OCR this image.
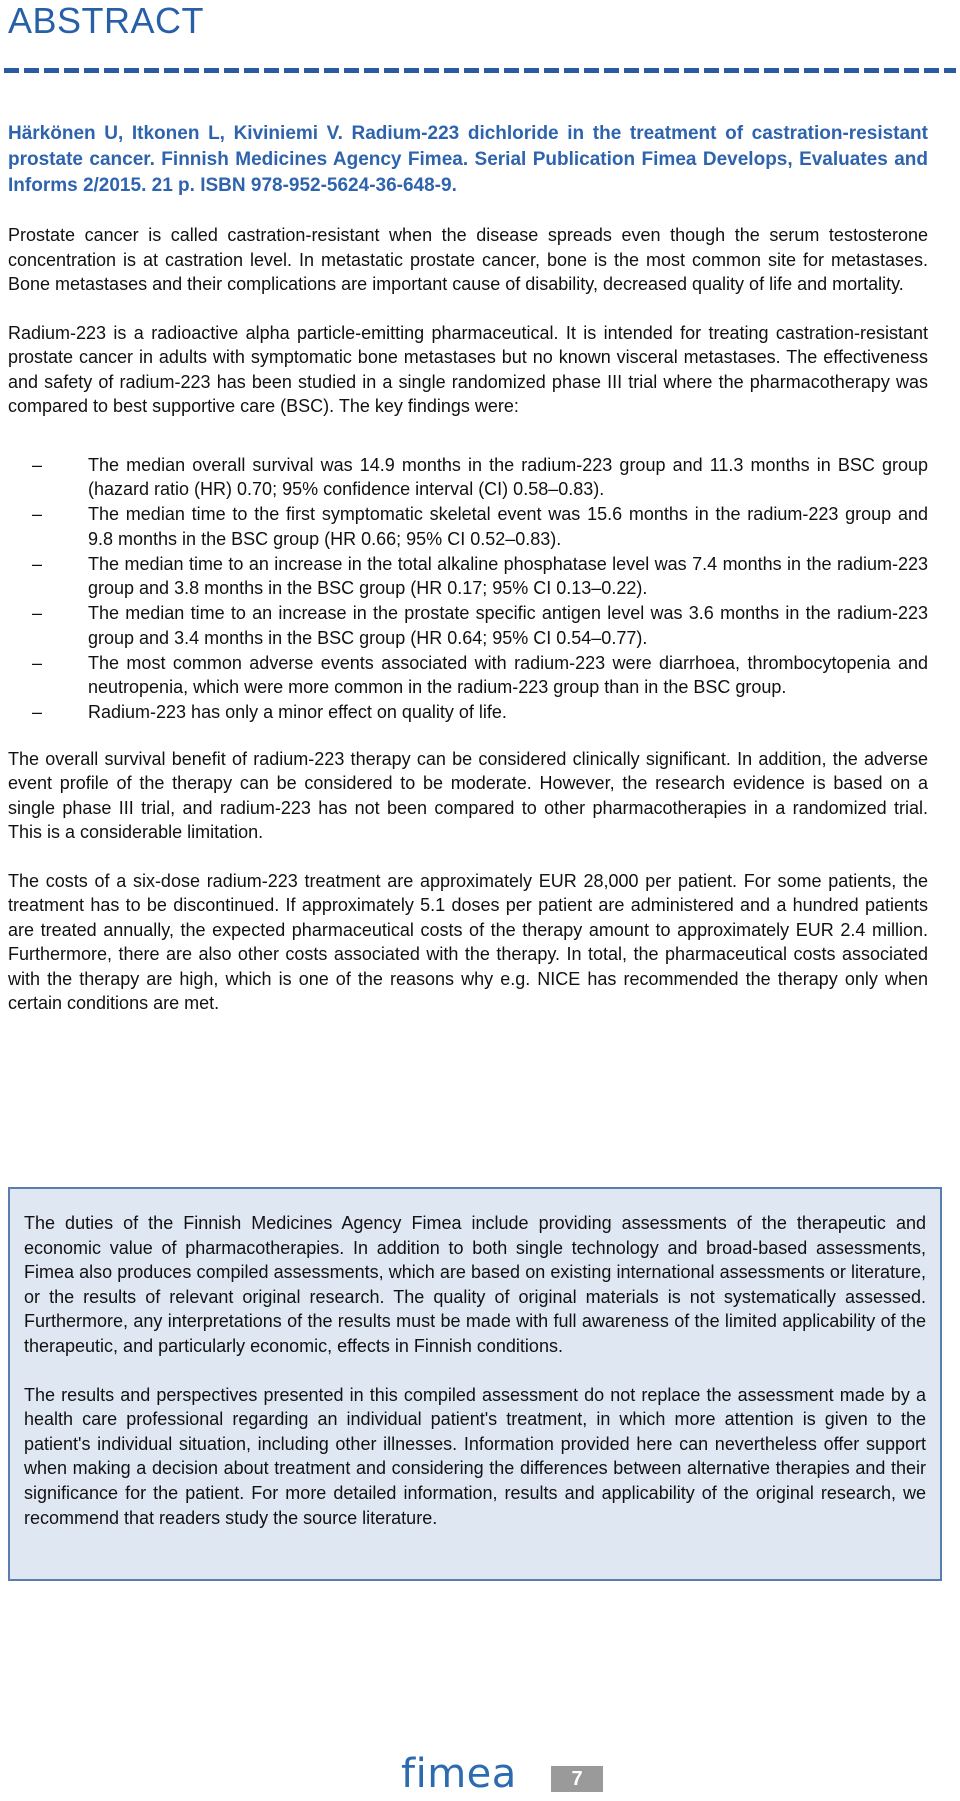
ABSTRACT

Härkönen U, Itkonen L, Kiviniemi V. Radium-223 dichloride in the treatment of castration-resistant prostate cancer. Finnish Medicines Agency Fimea. Serial Publication Fimea Develops, Evaluates and Informs 2/2015. 21 p. ISBN 978-952-5624-36-648-9.

Prostate cancer is called castration-resistant when the disease spreads even though the serum testosterone concentration is at castration level. In metastatic prostate cancer, bone is the most common site for metastases. Bone metastases and their complications are important cause of disability, decreased quality of life and mortality.

Radium-223 is a radioactive alpha particle-emitting pharmaceutical. It is intended for treating castration-resistant prostate cancer in adults with symptomatic bone metastases but no known visceral metastases. The effectiveness and safety of radium-223 has been studied in a single randomized phase III trial where the pharmacotherapy was compared to best supportive care (BSC). The key findings were:

–	The median overall survival was 14.9 months in the radium-223 group and 11.3 months in BSC group (hazard ratio (HR) 0.70; 95% confidence interval (CI) 0.58–0.83).
–	The median time to the first symptomatic skeletal event was 15.6 months in the radium-223 group and 9.8 months in the BSC group (HR 0.66; 95% CI 0.52–0.83).
–	The median time to an increase in the total alkaline phosphatase level was 7.4 months in the radium-223 group and 3.8 months in the BSC group (HR 0.17; 95% CI 0.13–0.22).
–	The median time to an increase in the prostate specific antigen level was 3.6 months in the radium-223 group and 3.4 months in the BSC group (HR 0.64; 95% CI 0.54–0.77).
–	The most common adverse events associated with radium-223 were diarrhoea, thrombocytopenia and neutropenia, which were more common in the radium-223 group than in the BSC group.
–	Radium-223 has only a minor effect on quality of life.

The overall survival benefit of radium-223 therapy can be considered clinically significant. In addition, the adverse event profile of the therapy can be considered to be moderate. However, the research evidence is based on a single phase III trial, and radium-223 has not been compared to other pharmacotherapies in a randomized trial. This is a considerable limitation.

The costs of a six-dose radium-223 treatment are approximately EUR 28,000 per patient. For some patients, the treatment has to be discontinued. If approximately 5.1 doses per patient are administered and a hundred patients are treated annually, the expected pharmaceutical costs of the therapy amount to approximately EUR 2.4 million. Furthermore, there are also other costs associated with the therapy. In total, the pharmaceutical costs associated with the therapy are high, which is one of the reasons why e.g. NICE has recommended the therapy only when certain conditions are met.

The duties of the Finnish Medicines Agency Fimea include providing assessments of the therapeutic and economic value of pharmacotherapies. In addition to both single technology and broad-based assessments, Fimea also produces compiled assessments, which are based on existing international assessments or literature, or the results of relevant original research. The quality of original materials is not systematically assessed. Furthermore, any interpretations of the results must be made with full awareness of the limited applicability of the therapeutic, and particularly economic, effects in Finnish conditions.

The results and perspectives presented in this compiled assessment do not replace the assessment made by a health care professional regarding an individual patient's treatment, in which more attention is given to the patient's individual situation, including other illnesses. Information provided here can nevertheless offer support when making a decision about treatment and considering the differences between alternative therapies and their significance for the patient. For more detailed information, results and applicability of the original research, we recommend that readers study the source literature.

fimea	7
